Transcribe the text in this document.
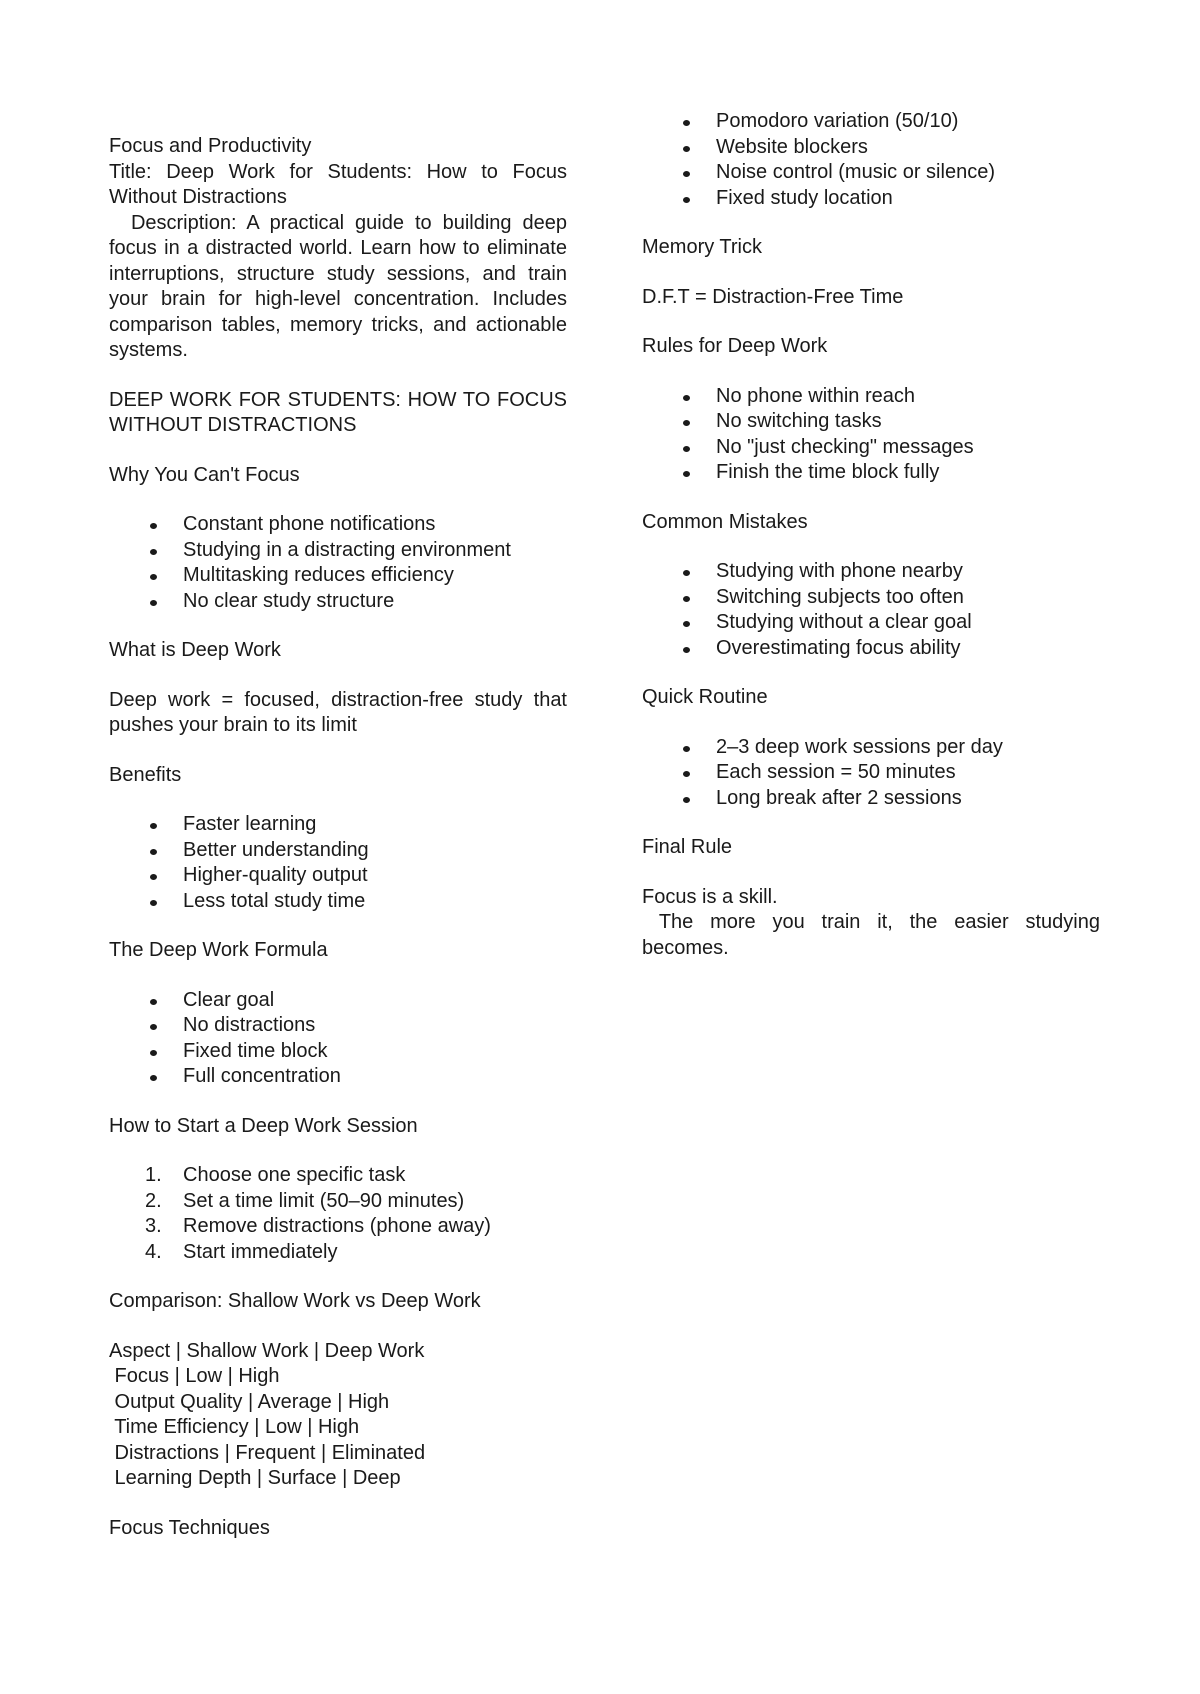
Focus and Productivity

Title: Deep Work for Students: How to Focus Without Distractions

Description: A practical guide to building deep focus in a distracted world. Learn how to eliminate interruptions, structure study sessions, and train your brain for high-level concentration. Includes comparison tables, memory tricks, and actionable systems.

DEEP WORK FOR STUDENTS: HOW TO FOCUS WITHOUT DISTRACTIONS

Why You Can't Focus

Constant phone notifications
Studying in a distracting environment
Multitasking reduces efficiency
No clear study structure

What is Deep Work

Deep work = focused, distraction-free study that pushes your brain to its limit

Benefits

Faster learning
Better understanding
Higher-quality output
Less total study time

The Deep Work Formula

Clear goal
No distractions
Fixed time block
Full concentration

How to Start a Deep Work Session

1. Choose one specific task
2. Set a time limit (50–90 minutes)
3. Remove distractions (phone away)
4. Start immediately

Comparison: Shallow Work vs Deep Work

Aspect | Shallow Work | Deep Work

Focus | Low | High

Output Quality | Average | High

Time Efficiency | Low | High

Distractions | Frequent | Eliminated

Learning Depth | Surface | Deep

Focus Techniques

Pomodoro variation (50/10)
Website blockers
Noise control (music or silence)
Fixed study location

Memory Trick

D.F.T = Distraction-Free Time

Rules for Deep Work

No phone within reach
No switching tasks
No "just checking" messages
Finish the time block fully

Common Mistakes

Studying with phone nearby
Switching subjects too often
Studying without a clear goal
Overestimating focus ability

Quick Routine

2–3 deep work sessions per day
Each session = 50 minutes
Long break after 2 sessions

Final Rule

Focus is a skill.

The more you train it, the easier studying becomes.
